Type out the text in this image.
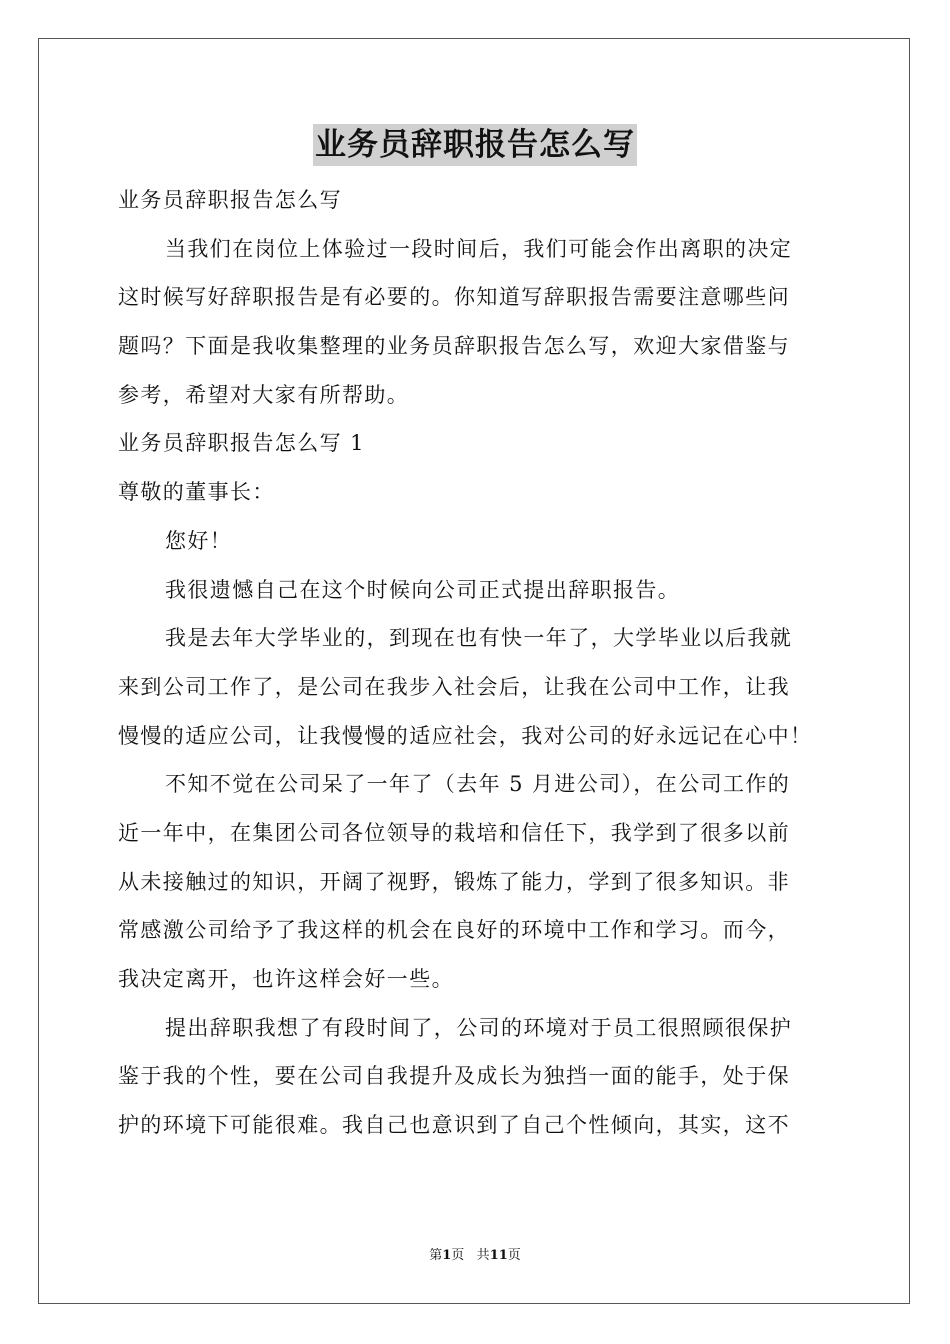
业务员辞职报告怎么写
业务员辞职报告怎么写
当我们在岗位上体验过一段时间后，我们可能会作出离职的决定
这时候写好辞职报告是有必要的。你知道写辞职报告需要注意哪些问
题吗？下面是我收集整理的业务员辞职报告怎么写，欢迎大家借鉴与
参考，希望对大家有所帮助。
业务员辞职报告怎么写 1
尊敬的董事长：
您好！
我很遗憾自己在这个时候向公司正式提出辞职报告。
我是去年大学毕业的，到现在也有快一年了，大学毕业以后我就
来到公司工作了，是公司在我步入社会后，让我在公司中工作，让我
慢慢的适应公司，让我慢慢的适应社会，我对公司的好永远记在心中！
不知不觉在公司呆了一年了（去年 5 月进公司），在公司工作的
近一年中，在集团公司各位领导的栽培和信任下，我学到了很多以前
从未接触过的知识，开阔了视野，锻炼了能力，学到了很多知识。非
常感激公司给予了我这样的机会在良好的环境中工作和学习。而今，
我决定离开，也许这样会好一些。
提出辞职我想了有段时间了，公司的环境对于员工很照顾很保护
鉴于我的个性，要在公司自我提升及成长为独挡一面的能手，处于保
护的环境下可能很难。我自己也意识到了自己个性倾向，其实，这不
第1页 共11页
